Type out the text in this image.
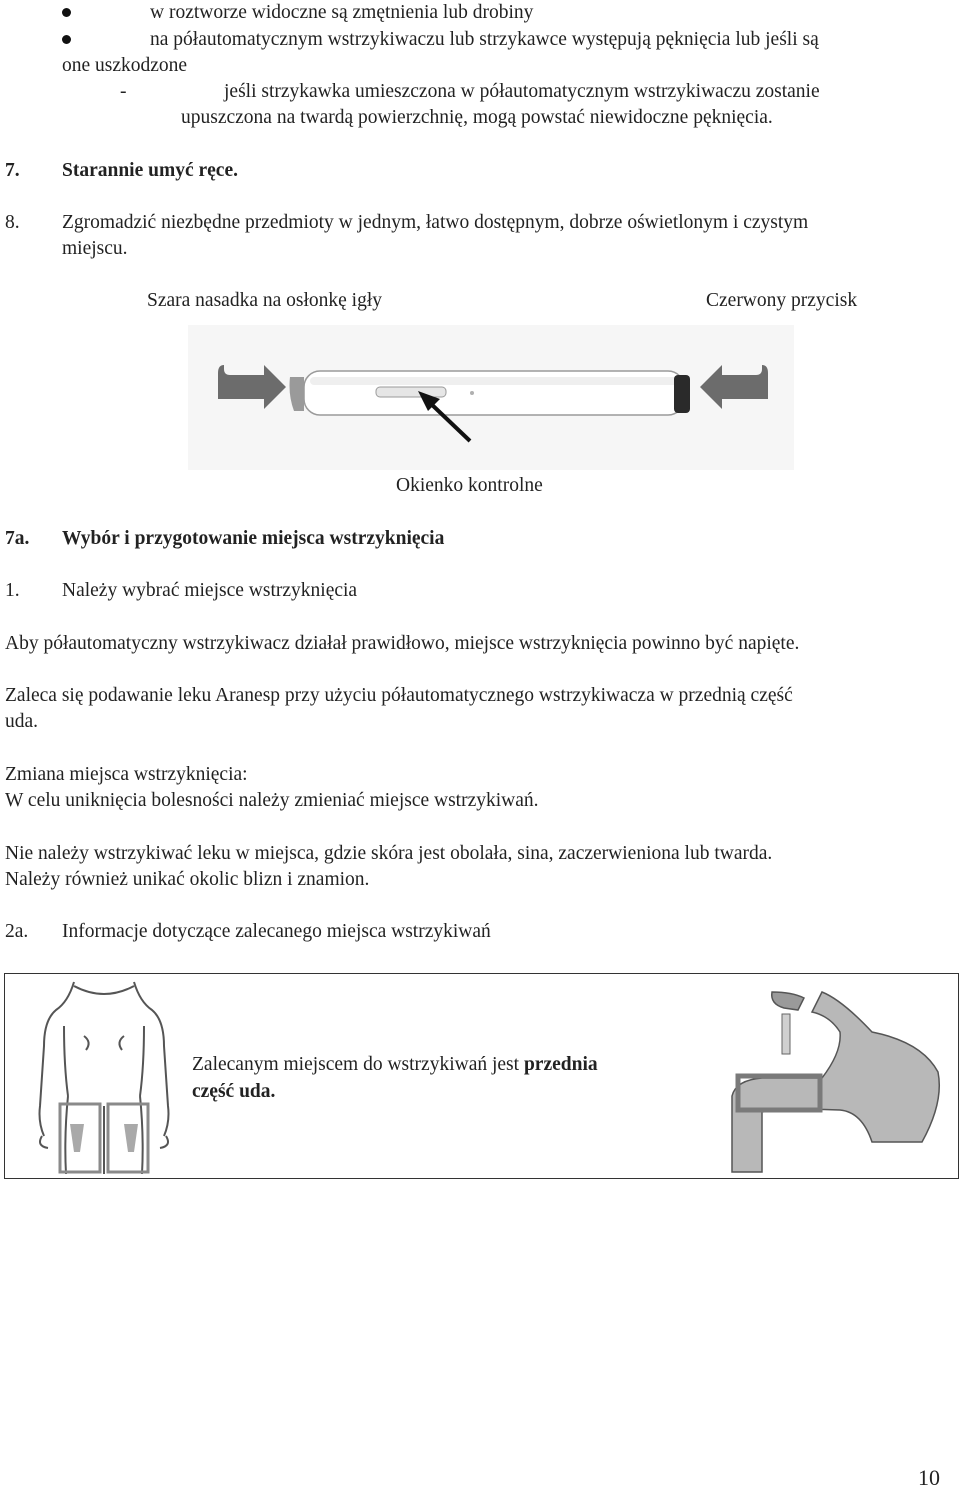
w roztworze widoczne są zmętnienia lub drobiny
na półautomatycznym wstrzykiwaczu lub strzykawce występują pęknięcia lub jeśli są
one uszkodzone
-	jeśli strzykawka umieszczona w półautomatycznym wstrzykiwaczu zostanie
upuszczona na twardą powierzchnię, mogą powstać niewidoczne pęknięcia.
7. Starannie umyć ręce.
8. Zgromadzić niezbędne przedmioty w jednym, łatwo dostępnym, dobrze oświetlonym i czystym
miejscu.
Szara nasadka na osłonkę igły	Czerwony przycisk
Okienko kontrolne
7a. Wybór i przygotowanie miejsca wstrzyknięcia
1. Należy wybrać miejsce wstrzyknięcia
Aby półautomatyczny wstrzykiwacz działał prawidłowo, miejsce wstrzyknięcia powinno być napięte.
Zaleca się podawanie leku Aranesp przy użyciu półautomatycznego wstrzykiwacza w przednią część
uda.
Zmiana miejsca wstrzyknięcia:
W celu uniknięcia bolesności należy zmieniać miejsce wstrzykiwań.
Nie należy wstrzykiwać leku w miejsca, gdzie skóra jest obolała, sina, zaczerwieniona lub twarda.
Należy również unikać okolic blizn i znamion.
2a. Informacje dotyczące zalecanego miejsca wstrzykiwań
Zalecanym miejscem do wstrzykiwań jest przednia
część uda.
10
